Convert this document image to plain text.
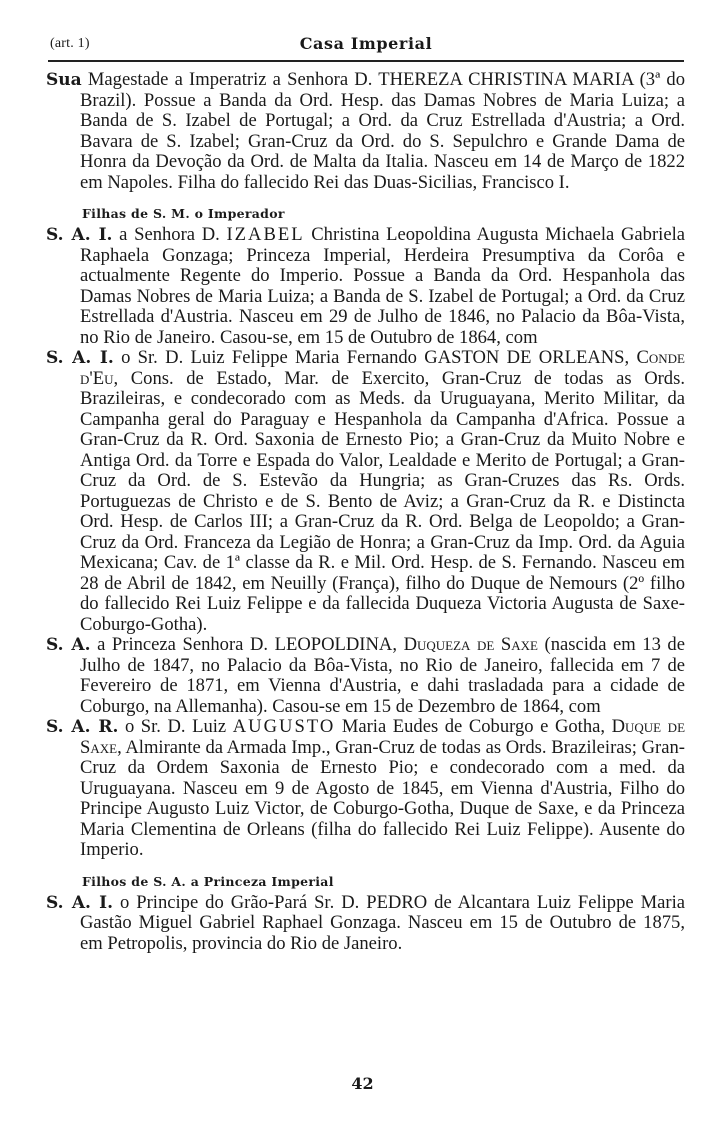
(art. 1)	Casa Imperial

Sua Magestade a Imperatriz a Senhora D. THEREZA CHRISTINA MARIA (3ª do Brazil). Possue a Banda da Ord. Hesp. das Damas Nobres de Maria Luiza; a Banda de S. Izabel de Portugal; a Ord. da Cruz Estrellada d'Austria; a Ord. Bavara de S. Izabel; Gran-Cruz da Ord. do S. Sepulchro e Grande Dama de Honra da Devoção da Ord. de Malta da Italia. Nasceu em 14 de Março de 1822 em Napoles. Filha do fallecido Rei das Duas-Sicilias, Francisco I.

Filhas de S. M. o Imperador

S. A. I. a Senhora D. IZABEL Christina Leopoldina Augusta Michaela Gabriela Raphaela Gonzaga; Princeza Imperial, Herdeira Presumptiva da Corôa e actualmente Regente do Imperio. Possue a Banda da Ord. Hespanhola das Damas Nobres de Maria Luiza; a Banda de S. Izabel de Portugal; a Ord. da Cruz Estrellada d'Austria. Nasceu em 29 de Julho de 1846, no Palacio da Bôa-Vista, no Rio de Janeiro. Casou-se, em 15 de Outubro de 1864, com

S. A. I. o Sr. D. Luiz Felippe Maria Fernando GASTON DE ORLEANS, Conde d'Eu, Cons. de Estado, Mar. de Exercito, Gran-Cruz de todas as Ords. Brazileiras, e condecorado com as Meds. da Uruguayana, Merito Militar, da Campanha geral do Paraguay e Hespanhola da Campanha d'Africa. Possue a Gran-Cruz da R. Ord. Saxonia de Ernesto Pio; a Gran-Cruz da Muito Nobre e Antiga Ord. da Torre e Espada do Valor, Lealdade e Merito de Portugal; a Gran-Cruz da Ord. de S. Estevão da Hungria; as Gran-Cruzes das Rs. Ords. Portuguezas de Christo e de S. Bento de Aviz; a Gran-Cruz da R. e Distincta Ord. Hesp. de Carlos III; a Gran-Cruz da R. Ord. Belga de Leopoldo; a Gran-Cruz da Ord. Franceza da Legião de Honra; a Gran-Cruz da Imp. Ord. da Aguia Mexicana; Cav. de 1ª classe da R. e Mil. Ord. Hesp. de S. Fernando. Nasceu em 28 de Abril de 1842, em Neuilly (França), filho do Duque de Nemours (2º filho do fallecido Rei Luiz Felippe e da fallecida Duqueza Victoria Augusta de Saxe-Coburgo-Gotha).

S. A. a Princeza Senhora D. LEOPOLDINA, Duqueza de Saxe (nascida em 13 de Julho de 1847, no Palacio da Bôa-Vista, no Rio de Janeiro, fallecida em 7 de Fevereiro de 1871, em Vienna d'Austria, e dahi trasladada para a cidade de Coburgo, na Allemanha). Casou-se em 15 de Dezembro de 1864, com

S. A. R. o Sr. D. Luiz AUGUSTO Maria Eudes de Coburgo e Gotha, Duque de Saxe, Almirante da Armada Imp., Gran-Cruz de todas as Ords. Brazileiras; Gran-Cruz da Ordem Saxonia de Ernesto Pio; e condecorado com a med. da Uruguayana. Nasceu em 9 de Agosto de 1845, em Vienna d'Austria, Filho do Principe Augusto Luiz Victor, de Coburgo-Gotha, Duque de Saxe, e da Princeza Maria Clementina de Orleans (filha do fallecido Rei Luiz Felippe). Ausente do Imperio.

Filhos de S. A. a Princeza Imperial

S. A. I. o Principe do Grão-Pará Sr. D. PEDRO de Alcantara Luiz Felippe Maria Gastão Miguel Gabriel Raphael Gonzaga. Nasceu em 15 de Outubro de 1875, em Petropolis, provincia do Rio de Janeiro.

42
